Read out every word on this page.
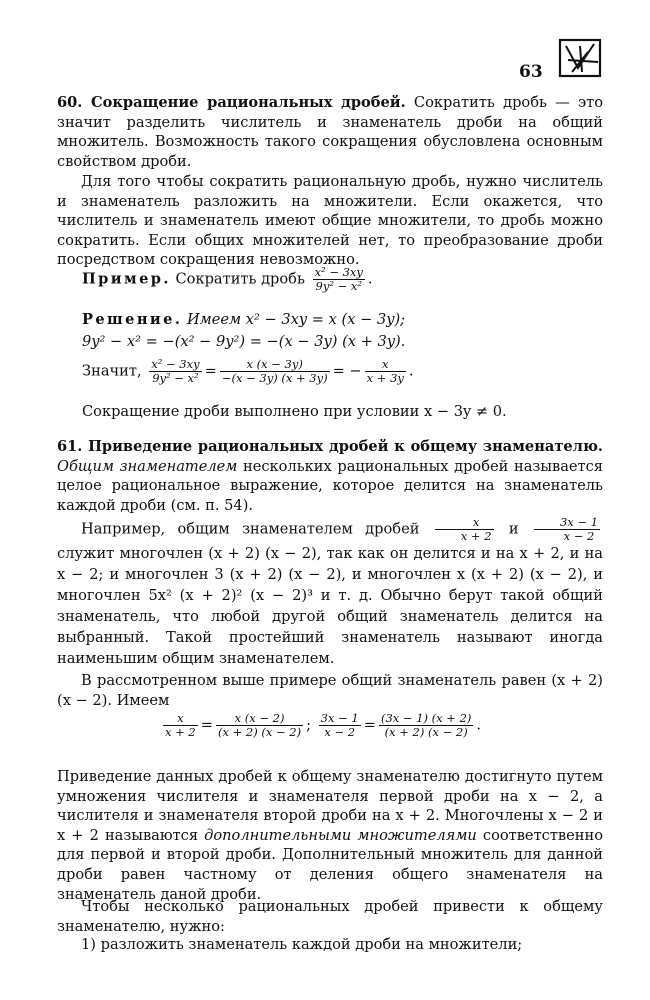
63
60. Сокращение рациональных дробей. Сократить дробь — это значит разделить числитель и знаменатель дроби на общий множитель. Возможность такого сокращения обусловлена основным свойством дроби.
Для того чтобы сократить рациональную дробь, нужно числитель и знаменатель разложить на множители. Если окажется, что числитель и знаменатель имеют общие множители, то дробь можно сократить. Если общих множителей нет, то преобразование дроби посредством сокращения невозможно.
Пример. Сократить дробь $\frac{\text{x² − 3xy}}{\text{9y² − x²}}$ .
Решение. Имеем x² − 3xy = x (x − 3y);
9y² − x² = −(x² − 9y²) = −(x − 3y) (x + 3y).
Значит, $\frac{\text{x² − 3xy}}{\text{9y² − x²}} = \frac{x (x - 3y)}{-(x - 3y) (x + 3y)}$ = − $\frac{x}{x + 3y}$ .
Сокращение дроби выполнено при условии x − 3y ≠ 0.
61. Приведение рациональных дробей к общему знаменателю. Общим знаменателем нескольких рациональных дробей называется целое рациональное выражение, которое делится на знаменатель каждой дроби (см. п. 54).
Например, общим знаменателем дробей $\frac{x}{x + 2}$ и $\frac{3x - 1}{x - 2}$
служит многочлен (x + 2) (x − 2), так как он делится и на x + 2, и на x − 2; и многочлен 3 (x + 2) (x − 2), и многочлен x (x + 2) (x − 2), и многочлен 5x² (x + 2)² (x − 2)³ и т. д. Обычно берут такой общий знаменатель, что любой другой общий знаменатель делится на выбранный. Такой простейший знаменатель называют иногда наименьшим общим знаменателем.
В рассмотренном выше примере общий знаменатель равен (x + 2) (x − 2). Имеем
$\frac{x}{x + 2} = \frac{x (x - 2)}{(x + 2) (x - 2)}$ ; $\frac{3x - 1}{x - 2} = \frac{(3x - 1) (x + 2)}{(x + 2) (x - 2)}$ .
Приведение данных дробей к общему знаменателю достигнуто путем умножения числителя и знаменателя первой дроби на x − 2, а числителя и знаменателя второй дроби на x + 2. Многочлены x − 2 и x + 2 называются дополнительными множителями соответственно для первой и второй дроби. Дополнительный множитель для данной дроби равен частному от деления общего знаменателя на знаменатель даной дроби.
Чтобы несколько рациональных дробей привести к общему знаменателю, нужно:
1) разложить знаменатель каждой дроби на множители;
